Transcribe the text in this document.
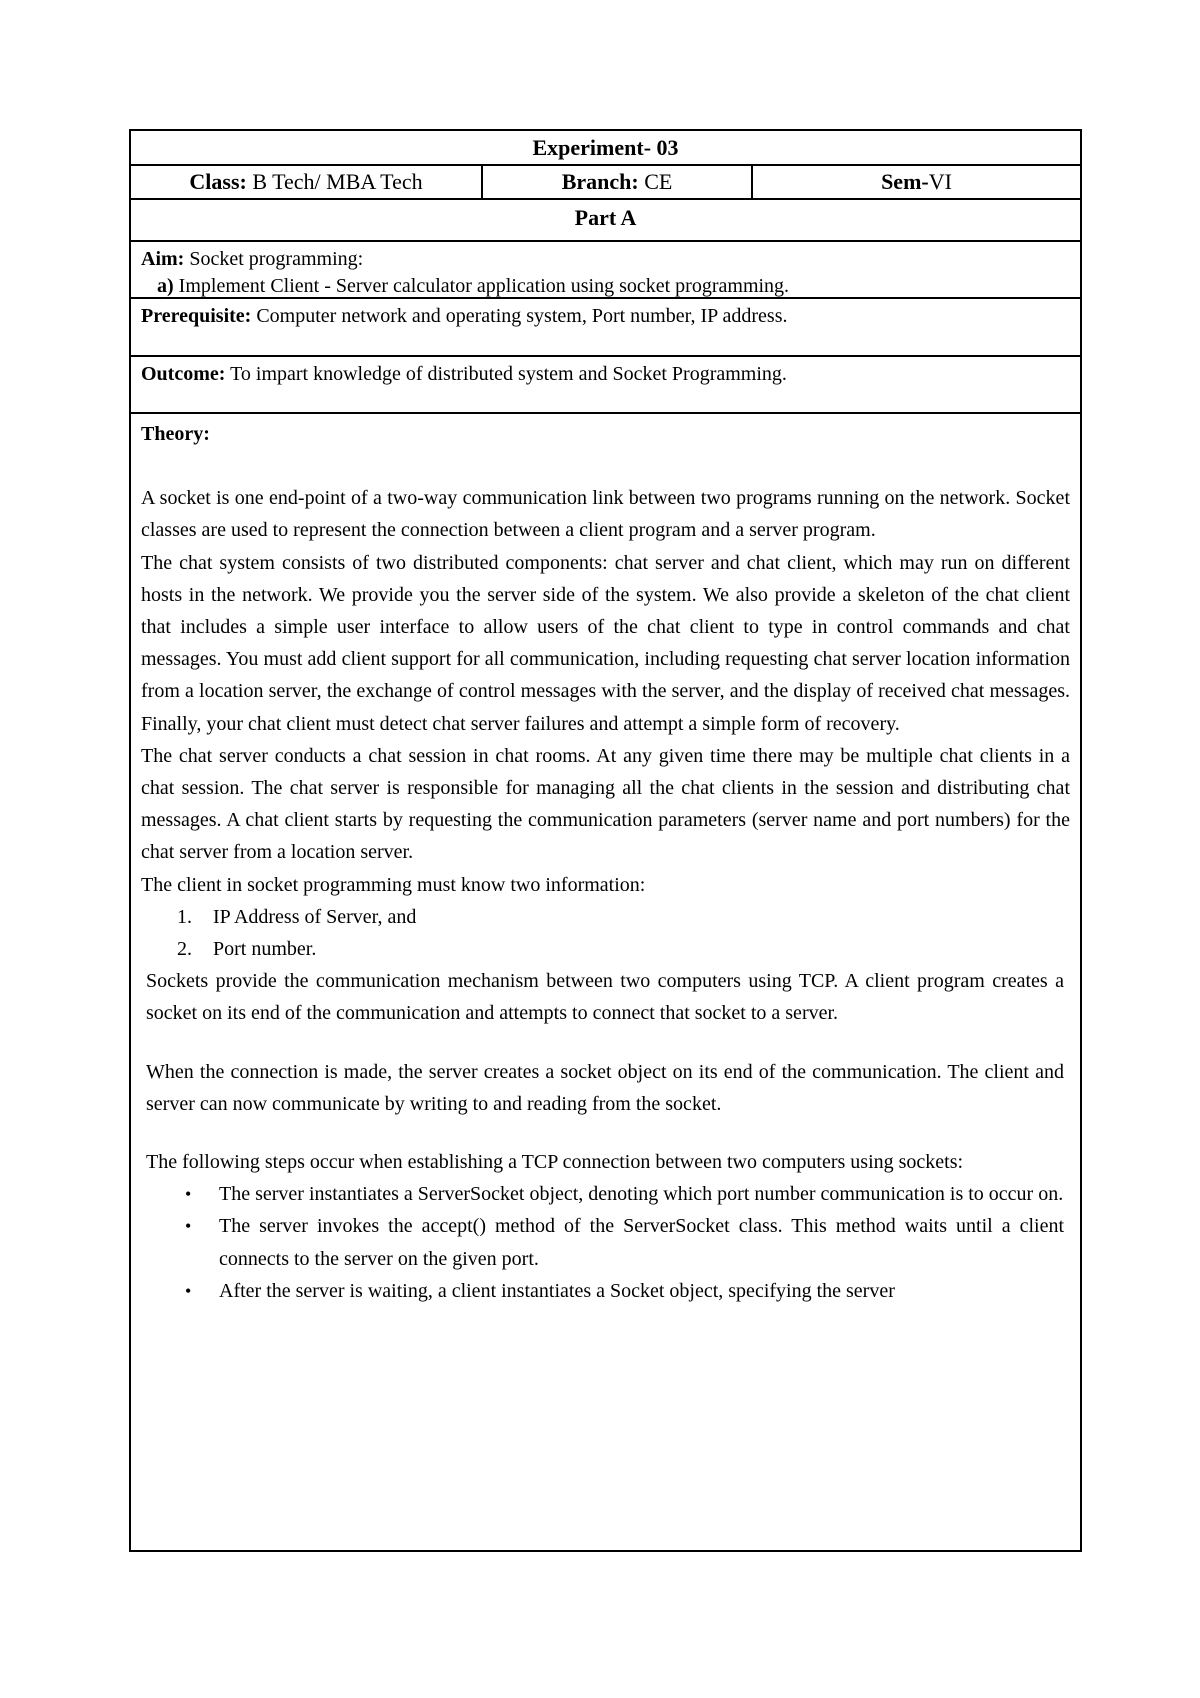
Experiment- 03
Class: B Tech/ MBA Tech	Branch: CE	Sem-VI
Part A
Aim: Socket programming:
a) Implement Client - Server calculator application using socket programming.
Prerequisite: Computer network and operating system, Port number, IP address.
Outcome: To impart knowledge of distributed system and Socket Programming.

Theory:

A socket is one end-point of a two-way communication link between two programs running on the network. Socket classes are used to represent the connection between a client program and a server program.

The chat system consists of two distributed components: chat server and chat client, which may run on different hosts in the network. We provide you the server side of the system. We also provide a skeleton of the chat client that includes a simple user interface to allow users of the chat client to type in control commands and chat messages. You must add client support for all communication, including requesting chat server location information from a location server, the exchange of control messages with the server, and the display of received chat messages. Finally, your chat client must detect chat server failures and attempt a simple form of recovery.

The chat server conducts a chat session in chat rooms. At any given time there may be multiple chat clients in a chat session. The chat server is responsible for managing all the chat clients in the session and distributing chat messages. A chat client starts by requesting the communication parameters (server name and port numbers) for the chat server from a location server.

The client in socket programming must know two information:

1. IP Address of Server, and
2. Port number.

Sockets provide the communication mechanism between two computers using TCP. A client program creates a socket on its end of the communication and attempts to connect that socket to a server.

When the connection is made, the server creates a socket object on its end of the communication. The client and server can now communicate by writing to and reading from the socket.

The following steps occur when establishing a TCP connection between two computers using sockets:

• The server instantiates a ServerSocket object, denoting which port number communication is to occur on.
• The server invokes the accept() method of the ServerSocket class. This method waits until a client connects to the server on the given port.
• After the server is waiting, a client instantiates a Socket object, specifying the server
